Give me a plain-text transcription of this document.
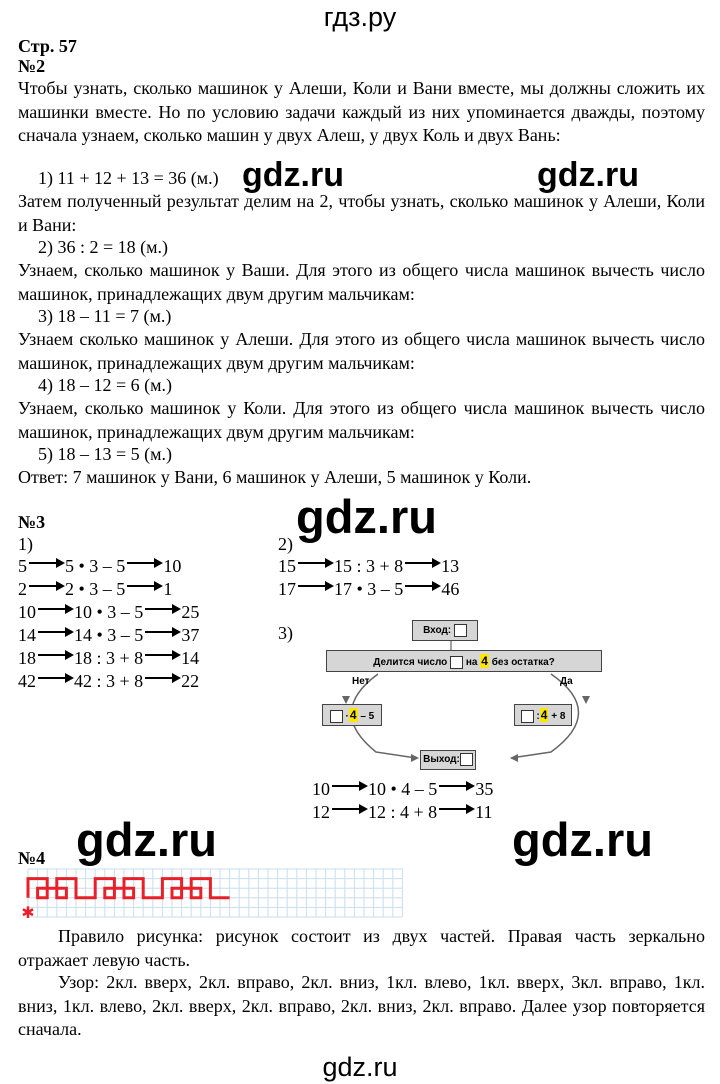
гдз.ру
gdz.ru
gdz.ru	gdz.ru
gdz.ru
gdz.ru	gdz.ru
Стр. 57
№2
Чтобы узнать, сколько машинок у Алеши, Коли и Вани вместе, мы должны сложить их машинки вместе. Но по условию задачи каждый из них упоминается дважды, поэтому сначала узнаем, сколько машин у двух Алеш, у двух Коль и двух Вань:
1) 11 + 12 + 13 = 36 (м.)
Затем полученный результат делим на 2, чтобы узнать, сколько машинок у Алеши, Коли и Вани:
2) 36 : 2 = 18 (м.)
Узнаем, сколько машинок у Ваши. Для этого из общего числа машинок вычесть число машинок, принадлежащих двум другим мальчикам:
3) 18 – 11 = 7 (м.)
Узнаем сколько машинок у Алеши. Для этого из общего числа машинок вычесть число машинок, принадлежащих двум другим мальчикам:
4) 18 – 12 = 6 (м.)
Узнаем, сколько машинок у Коли. Для этого из общего числа машинок вычесть число машинок, принадлежащих двум другим мальчикам:
5) 18 – 13 = 5 (м.)
Ответ: 7 машинок у Вани, 6 машинок у Алеши, 5 машинок у Коли.
№3
1)
5 5 • 3 – 5 10
2 2 • 3 – 5 1
10 10 • 3 – 5 25
14 14 • 3 – 5 37
18 18 : 3 + 8 14
42 42 : 3 + 8 22
2)
15 15 : 3 + 8 13
17 17 • 3 – 5 46
3)	Вход:
Делится число на 4 без остатка?
Нет	Да
·4 – 5	:4 + 8
Выход:
10 10 • 4 – 5 35
12 12 : 4 + 8 11
№4
✱
Правило рисунка: рисунок состоит из двух частей. Правая часть зеркально отражает левую часть.
Узор: 2кл. вверх, 2кл. вправо, 2кл. вниз, 1кл. влево, 1кл. вверх, 3кл. вправо, 1кл. вниз, 1кл. влево, 2кл. вверх, 2кл. вправо, 2кл. вниз, 2кл. вправо. Далее узор повторяется сначала.
